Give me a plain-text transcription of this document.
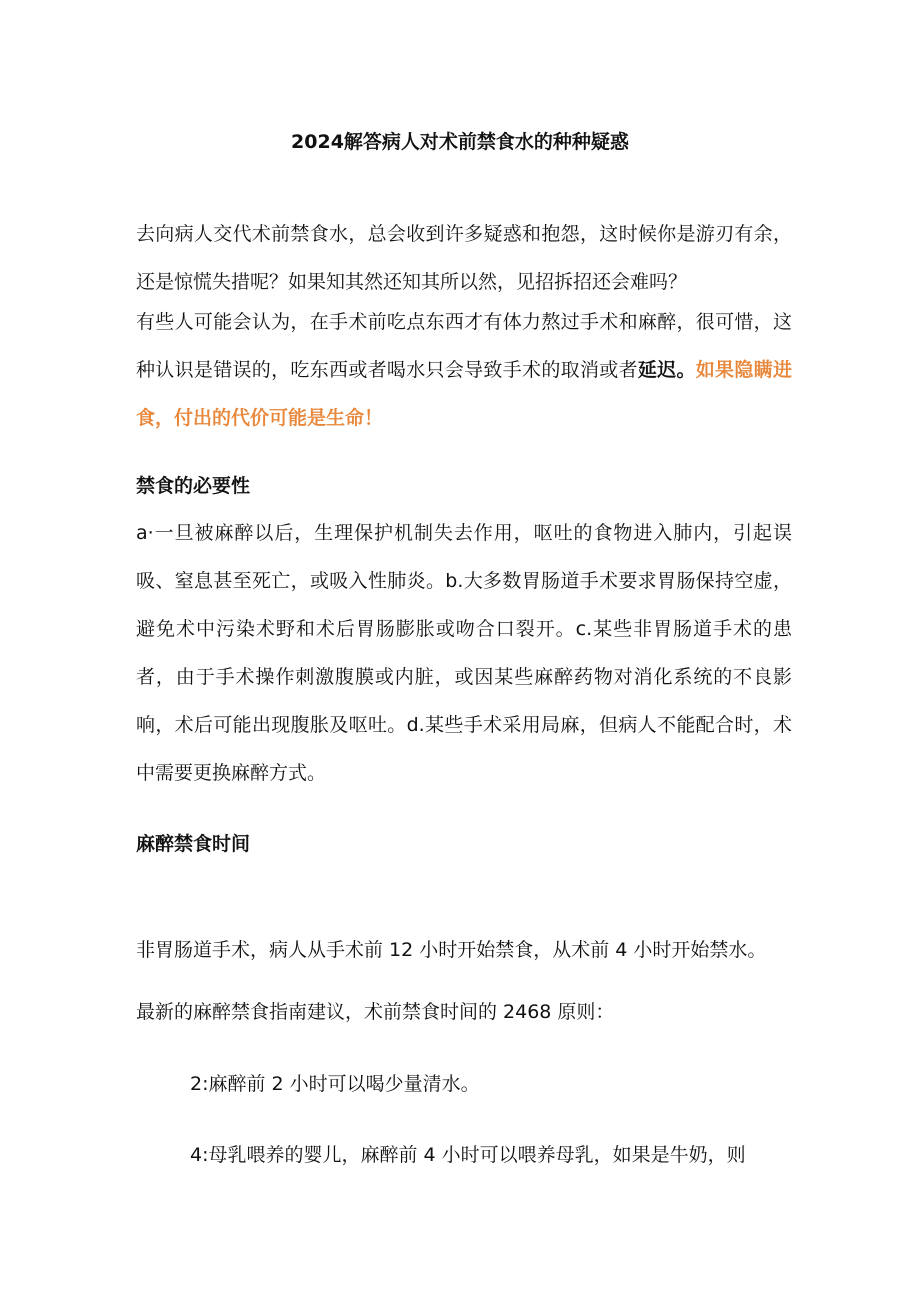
2024解答病人对术前禁食水的种种疑惑

去向病人交代术前禁食水，总会收到许多疑惑和抱怨，这时候你是游刃有余，还是惊慌失措呢？如果知其然还知其所以然，见招拆招还会难吗？

有些人可能会认为，在手术前吃点东西才有体力熬过手术和麻醉，很可惜，这种认识是错误的，吃东西或者喝水只会导致手术的取消或者延迟。如果隐瞒进食，付出的代价可能是生命！

禁食的必要性

a·一旦被麻醉以后，生理保护机制失去作用，呕吐的食物进入肺内，引起误吸、窒息甚至死亡，或吸入性肺炎。b.大多数胃肠道手术要求胃肠保持空虚，避免术中污染术野和术后胃肠膨胀或吻合口裂开。c.某些非胃肠道手术的患者，由于手术操作刺激腹膜或内脏，或因某些麻醉药物对消化系统的不良影响，术后可能出现腹胀及呕吐。d.某些手术采用局麻，但病人不能配合时，术中需要更换麻醉方式。

麻醉禁食时间

非胃肠道手术，病人从手术前 12 小时开始禁食，从术前 4 小时开始禁水。

最新的麻醉禁食指南建议，术前禁食时间的 2468 原则：

2:麻醉前 2 小时可以喝少量清水。

4:母乳喂养的婴儿，麻醉前 4 小时可以喂养母乳，如果是牛奶，则
